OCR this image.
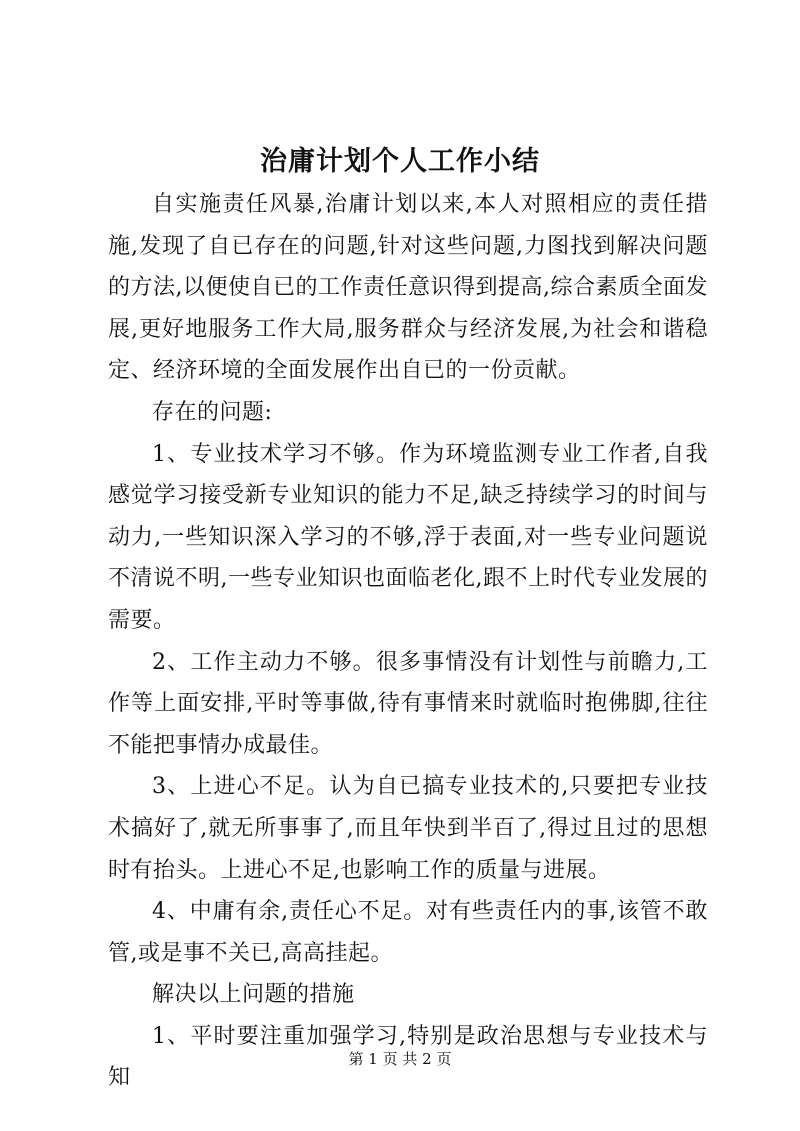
治庸计划个人工作小结

自实施责任风暴,治庸计划以来,本人对照相应的责任措施,发现了自已存在的问题,针对这些问题,力图找到解决问题的方法,以便使自已的工作责任意识得到提高,综合素质全面发展,更好地服务工作大局,服务群众与经济发展,为社会和谐稳定、经济环境的全面发展作出自已的一份贡献。

存在的问题:

1、专业技术学习不够。作为环境监测专业工作者,自我感觉学习接受新专业知识的能力不足,缺乏持续学习的时间与动力,一些知识深入学习的不够,浮于表面,对一些专业问题说不清说不明,一些专业知识也面临老化,跟不上时代专业发展的需要。

2、工作主动力不够。很多事情没有计划性与前瞻力,工作等上面安排,平时等事做,待有事情来时就临时抱佛脚,往往不能把事情办成最佳。

3、上进心不足。认为自已搞专业技术的,只要把专业技术搞好了,就无所事事了,而且年快到半百了,得过且过的思想时有抬头。上进心不足,也影响工作的质量与进展。

4、中庸有余,责任心不足。对有些责任内的事,该管不敢管,或是事不关已,高高挂起。

解决以上问题的措施

1、平时要注重加强学习,特别是政治思想与专业技术与知

第 1 页 共 2 页
